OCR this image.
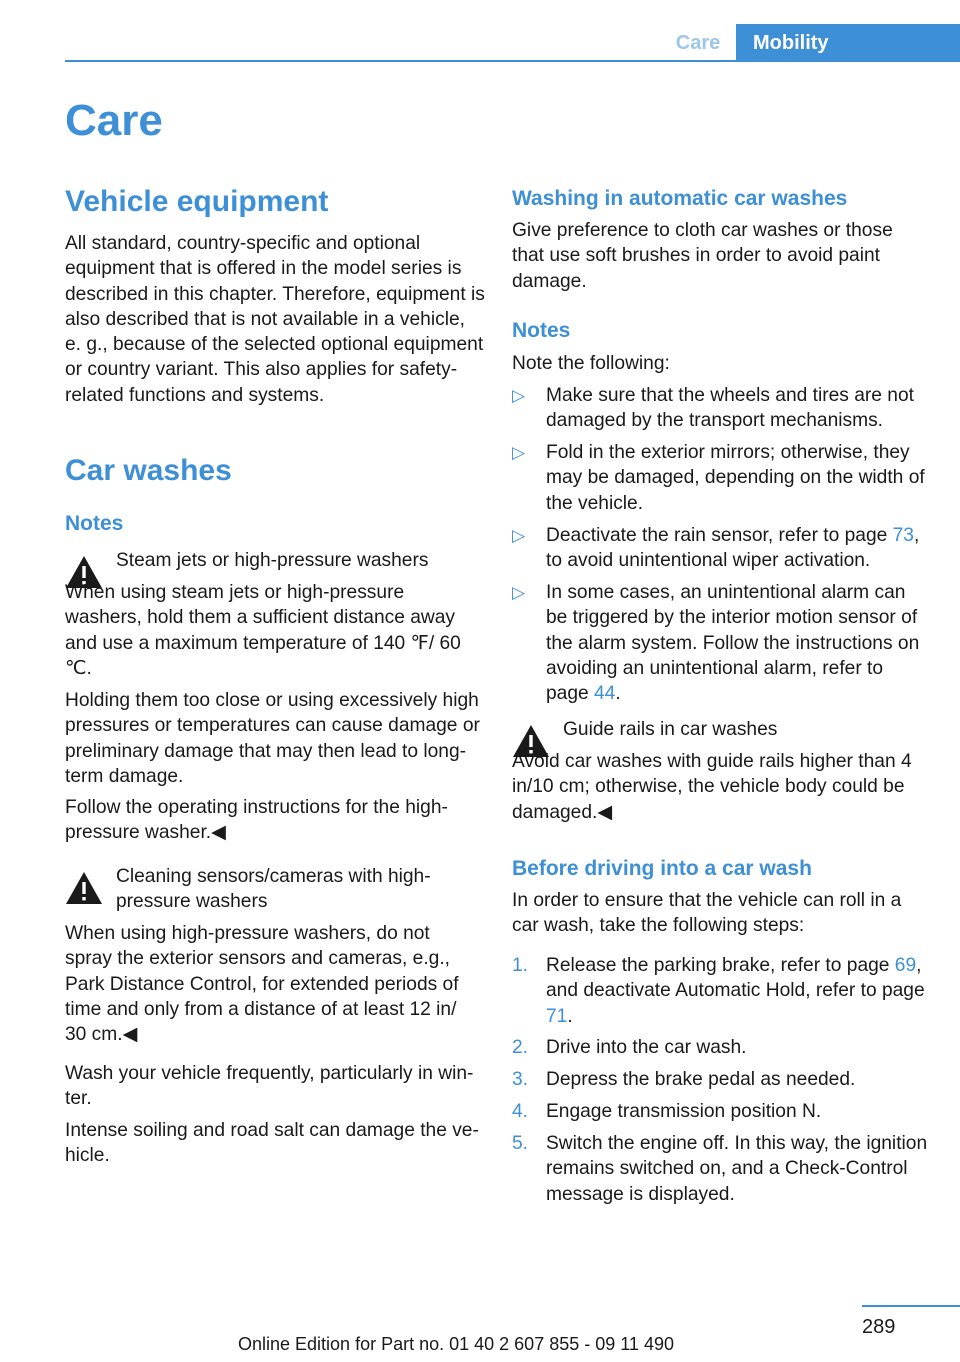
Care	Mobility
Care
Vehicle equipment

All standard, country-specific and optional equipment that is offered in the model series is described in this chapter. Therefore, equipment is also described that is not available in a vehicle, e. g., because of the selected optional equipment or country variant. This also applies for safety-related functions and systems.

Car washes
Notes

Steam jets or high-pressure washers

When using steam jets or high-pressure washers, hold them a sufficient distance away and use a maximum temperature of 140 ℉/ 60 ℃.

Holding them too close or using excessively high pressures or temperatures can cause damage or preliminary damage that may then lead to long-term damage.

Follow the operating instructions for the high-pressure washer.◀

Cleaning sensors/cameras with high-pressure washers

When using high-pressure washers, do not spray the exterior sensors and cameras, e.g., Park Distance Control, for extended periods of time and only from a distance of at least 12 in/ 30 cm.◀

Wash your vehicle frequently, particularly in winter.

Intense soiling and road salt can damage the vehicle.

Washing in automatic car washes

Give preference to cloth car washes or those that use soft brushes in order to avoid paint damage.

Notes

Note the following:

▷ Make sure that the wheels and tires are not damaged by the transport mechanisms.
▷ Fold in the exterior mirrors; otherwise, they may be damaged, depending on the width of the vehicle.
▷ Deactivate the rain sensor, refer to page 73, to avoid unintentional wiper activation.
▷ In some cases, an unintentional alarm can be triggered by the interior motion sensor of the alarm system. Follow the instructions on avoiding an unintentional alarm, refer to page 44.

Guide rails in car washes

Avoid car washes with guide rails higher than 4 in/10 cm; otherwise, the vehicle body could be damaged.◀

Before driving into a car wash

In order to ensure that the vehicle can roll in a car wash, take the following steps:

1. Release the parking brake, refer to page 69, and deactivate Automatic Hold, refer to page 71.
2. Drive into the car wash.
3. Depress the brake pedal as needed.
4. Engage transmission position N.
5. Switch the engine off. In this way, the ignition remains switched on, and a Check-Control message is displayed.
289
Online Edition for Part no. 01 40 2 607 855 - 09 11 490
